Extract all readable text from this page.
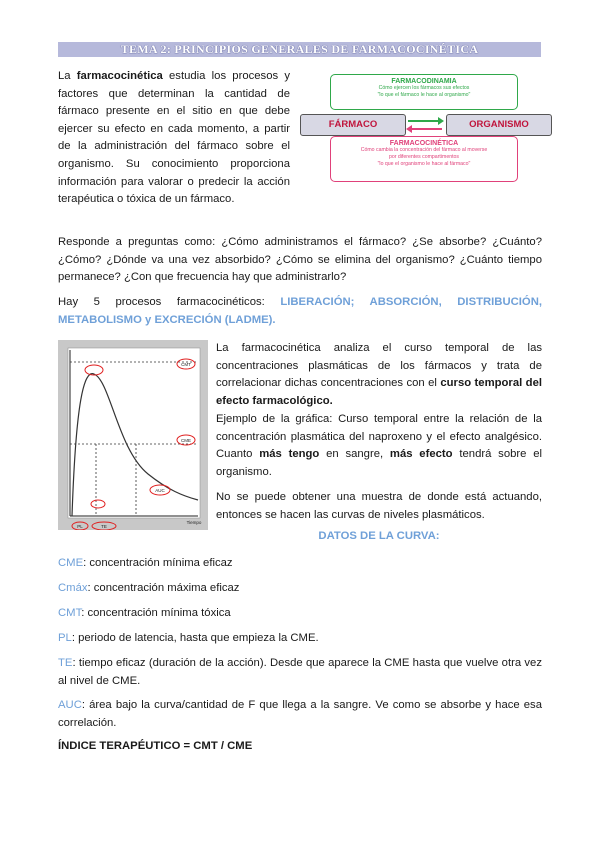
TEMA 2: PRINCIPIOS GENERALES DE FARMACOCINÉTICA
La farmacocinética estudia los procesos y factores que determinan la cantidad de fármaco presente en el sitio en que debe ejercer su efecto en cada momento, a partir de la administración del fármaco sobre el organismo. Su conocimiento proporciona información para valorar o predecir la acción terapéutica o tóxica de un fármaco.
FARMACODINAMIA
Cómo ejercen los fármacos sus efectos
"lo que el fármaco le hace al organismo"
FÁRMACO	ORGANISMO
FARMACOCINÉTICA
Cómo cambia la concentración del fármaco al moverse
por diferentes compartimentos
"lo que el organismo le hace al fármaco"
Responde a preguntas como: ¿Cómo administramos el fármaco? ¿Se absorbe? ¿Cuánto? ¿Cómo? ¿Dónde va una vez absorbido? ¿Cómo se elimina del organismo? ¿Cuánto tiempo permanece? ¿Con que frecuencia hay que administrarlo?
Hay 5 procesos farmacocinéticos: LIBERACIÓN; ABSORCIÓN, DISTRIBUCIÓN, METABOLISMO y EXCRECIÓN (LADME).
CMT
CME
AUC
PL	TE
Tiempo
La farmacocinética analiza el curso temporal de las concentraciones plasmáticas de los fármacos y trata de correlacionar dichas concentraciones con el curso temporal del efecto farmacológico.
Ejemplo de la gráfica: Curso temporal entre la relación de la concentración plasmática del naproxeno y el efecto analgésico. Cuanto más tengo en sangre, más efecto tendrá sobre el organismo.
No se puede obtener una muestra de donde está actuando, entonces se hacen las curvas de niveles plasmáticos.
DATOS DE LA CURVA:
CME: concentración mínima eficaz
Cmáx: concentración máxima eficaz
CMT: concentración mínima tóxica
PL: periodo de latencia, hasta que empieza la CME.
TE: tiempo eficaz (duración de la acción). Desde que aparece la CME hasta que vuelve otra vez al nivel de CME.
AUC: área bajo la curva/cantidad de F que llega a la sangre. Ve como se absorbe y hace esa correlación.
ÍNDICE TERAPÉUTICO = CMT / CME
